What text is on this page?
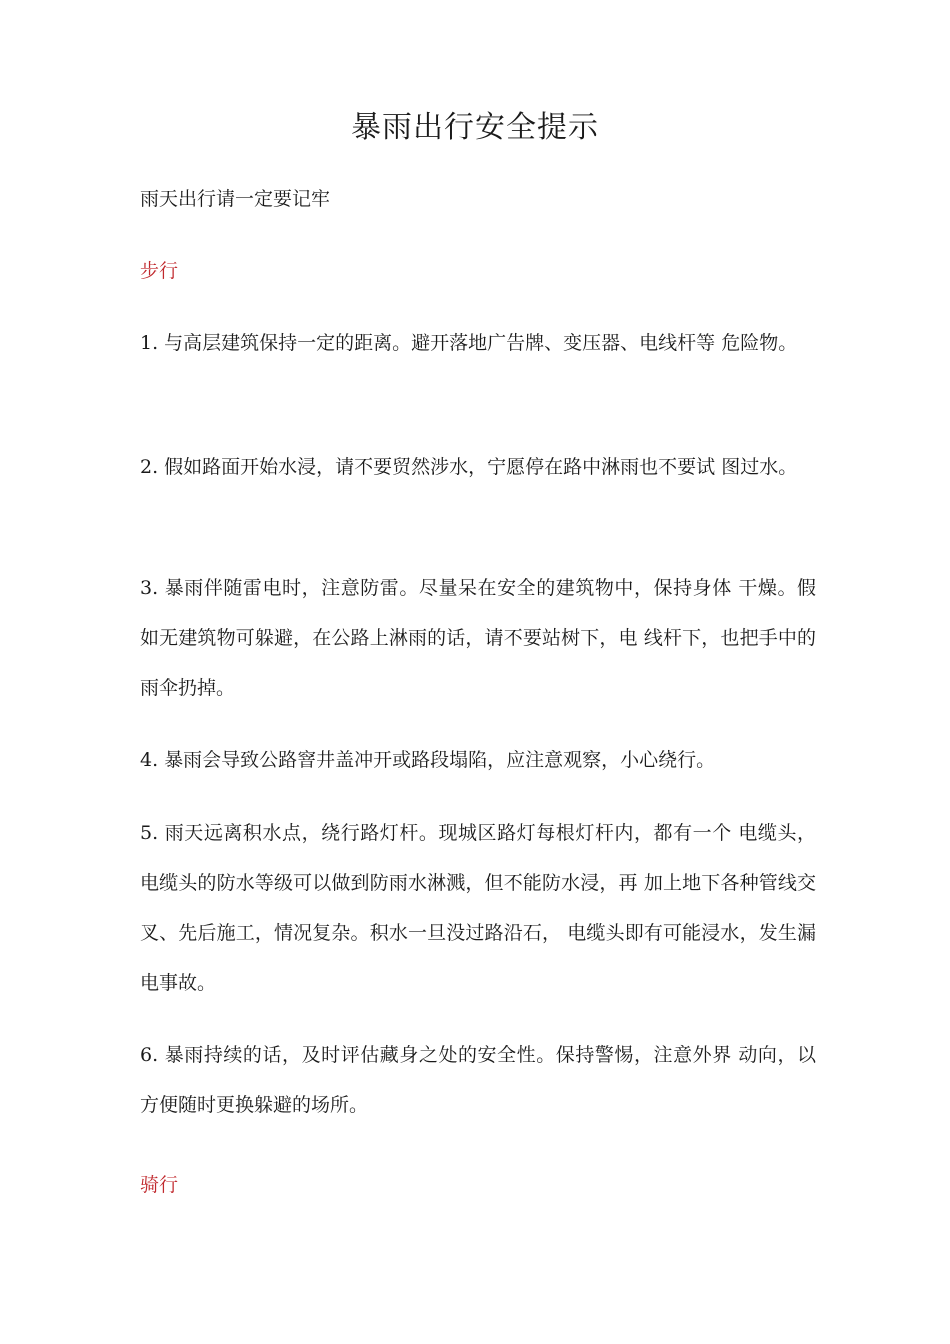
暴雨出行安全提示

雨天出行请一定要记牢

步行

1. 与高层建筑保持一定的距离。避开落地广告牌、变压器、电线杆等 危险物。

2. 假如路面开始水浸，请不要贸然涉水，宁愿停在路中淋雨也不要试 图过水。

3. 暴雨伴随雷电时，注意防雷。尽量呆在安全的建筑物中，保持身体 干燥。假如无建筑物可躲避，在公路上淋雨的话，请不要站树下，电 线杆下，也把手中的雨伞扔掉。

4. 暴雨会导致公路窨井盖冲开或路段塌陷，应注意观察，小心绕行。

5. 雨天远离积水点，绕行路灯杆。现城区路灯每根灯杆内，都有一个 电缆头，电缆头的防水等级可以做到防雨水淋溅，但不能防水浸，再 加上地下各种管线交叉、先后施工，情况复杂。积水一旦没过路沿石， 电缆头即有可能浸水，发生漏电事故。

6. 暴雨持续的话，及时评估藏身之处的安全性。保持警惕，注意外界 动向，以方便随时更换躲避的场所。

骑行
